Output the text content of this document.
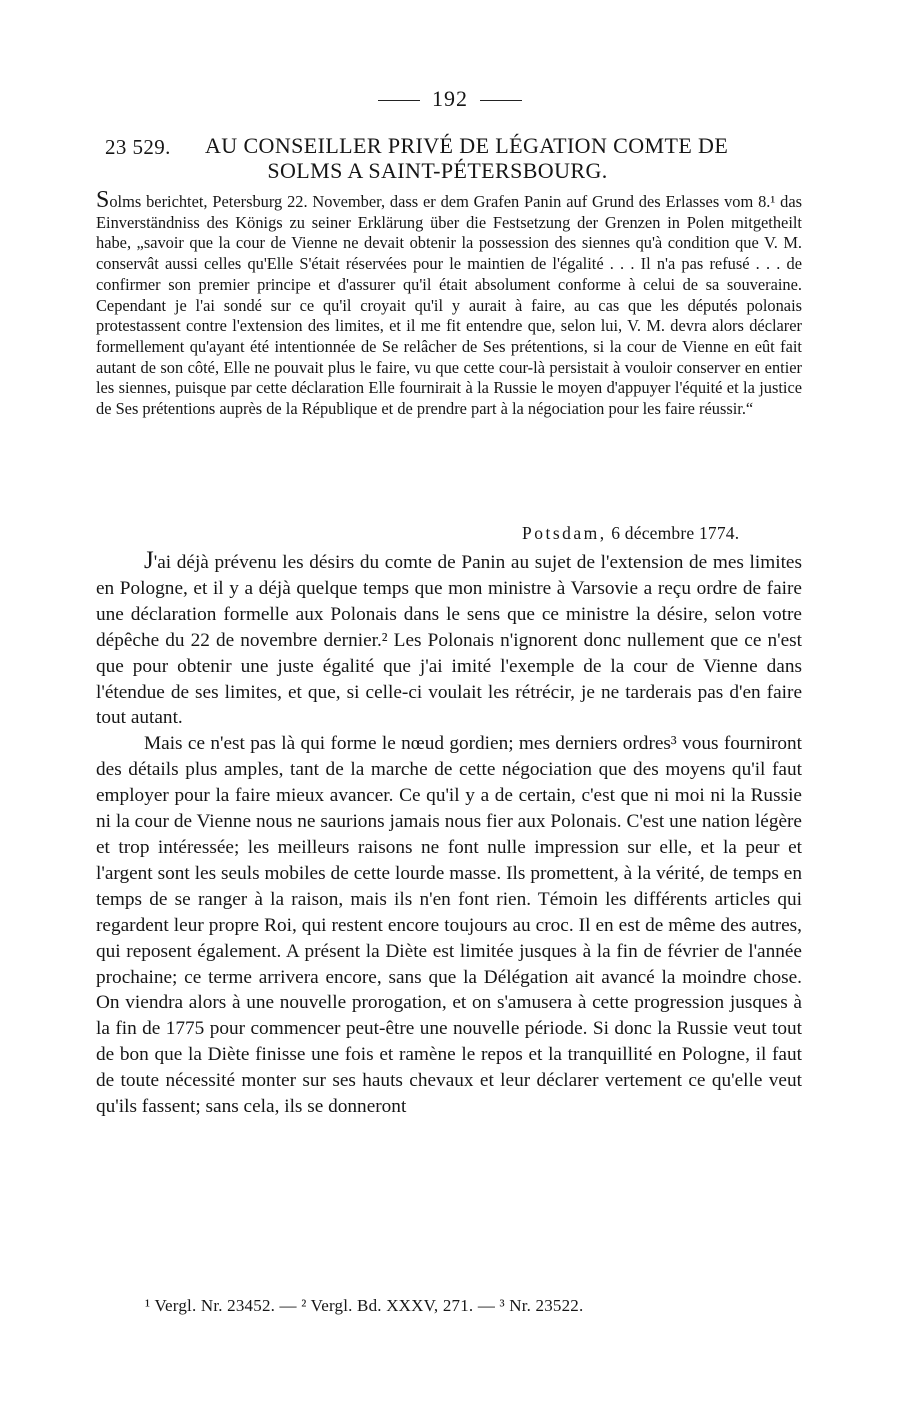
192
23 529. AU CONSEILLER PRIVÉ DE LÉGATION COMTE DE
SOLMS A SAINT-PÉTERSBOURG.
Solms berichtet, Petersburg 22. November, dass er dem Grafen Panin auf Grund des Erlasses vom 8.¹ das Einverständniss des Königs zu seiner Erklärung über die Festsetzung der Grenzen in Polen mitgetheilt habe, „savoir que la cour de Vienne ne devait obtenir la possession des siennes qu'à condition que V. M. conservât aussi celles qu'Elle S'était réservées pour le maintien de l'égalité . . . Il n'a pas refusé . . . de confirmer son premier principe et d'assurer qu'il était absolument conforme à celui de sa souveraine. Cependant je l'ai sondé sur ce qu'il croyait qu'il y aurait à faire, au cas que les députés polonais protestassent contre l'extension des limites, et il me fit entendre que, selon lui, V. M. devra alors déclarer formellement qu'ayant été intentionnée de Se relâcher de Ses prétentions, si la cour de Vienne en eût fait autant de son côté, Elle ne pouvait plus le faire, vu que cette cour-là persistait à vouloir conserver en entier les siennes, puisque par cette déclaration Elle fournirait à la Russie le moyen d'appuyer l'équité et la justice de Ses prétentions auprès de la République et de prendre part à la négociation pour les faire réussir.“
Potsdam, 6 décembre 1774.

J'ai déjà prévenu les désirs du comte de Panin au sujet de l'extension de mes limites en Pologne, et il y a déjà quelque temps que mon ministre à Varsovie a reçu ordre de faire une déclaration formelle aux Polonais dans le sens que ce ministre la désire, selon votre dépêche du 22 de novembre dernier.² Les Polonais n'ignorent donc nullement que ce n'est que pour obtenir une juste égalité que j'ai imité l'exemple de la cour de Vienne dans l'étendue de ses limites, et que, si celle-ci voulait les rétrécir, je ne tarderais pas d'en faire tout autant.

Mais ce n'est pas là qui forme le nœud gordien; mes derniers ordres³ vous fourniront des détails plus amples, tant de la marche de cette négociation que des moyens qu'il faut employer pour la faire mieux avancer. Ce qu'il y a de certain, c'est que ni moi ni la Russie ni la cour de Vienne nous ne saurions jamais nous fier aux Polonais. C'est une nation légère et trop intéressée; les meilleurs raisons ne font nulle impression sur elle, et la peur et l'argent sont les seuls mobiles de cette lourde masse. Ils promettent, à la vérité, de temps en temps de se ranger à la raison, mais ils n'en font rien. Témoin les différents articles qui regardent leur propre Roi, qui restent encore toujours au croc. Il en est de même des autres, qui reposent également. A présent la Diète est limitée jusques à la fin de février de l'année prochaine; ce terme arrivera encore, sans que la Délégation ait avancé la moindre chose. On viendra alors à une nouvelle prorogation, et on s'amusera à cette progression jusques à la fin de 1775 pour commencer peut-être une nouvelle période. Si donc la Russie veut tout de bon que la Diète finisse une fois et ramène le repos et la tranquillité en Pologne, il faut de toute nécessité monter sur ses hauts chevaux et leur déclarer vertement ce qu'elle veut qu'ils fassent; sans cela, ils se donneront

¹ Vergl. Nr. 23452. — ² Vergl. Bd. XXXV, 271. — ³ Nr. 23522.
